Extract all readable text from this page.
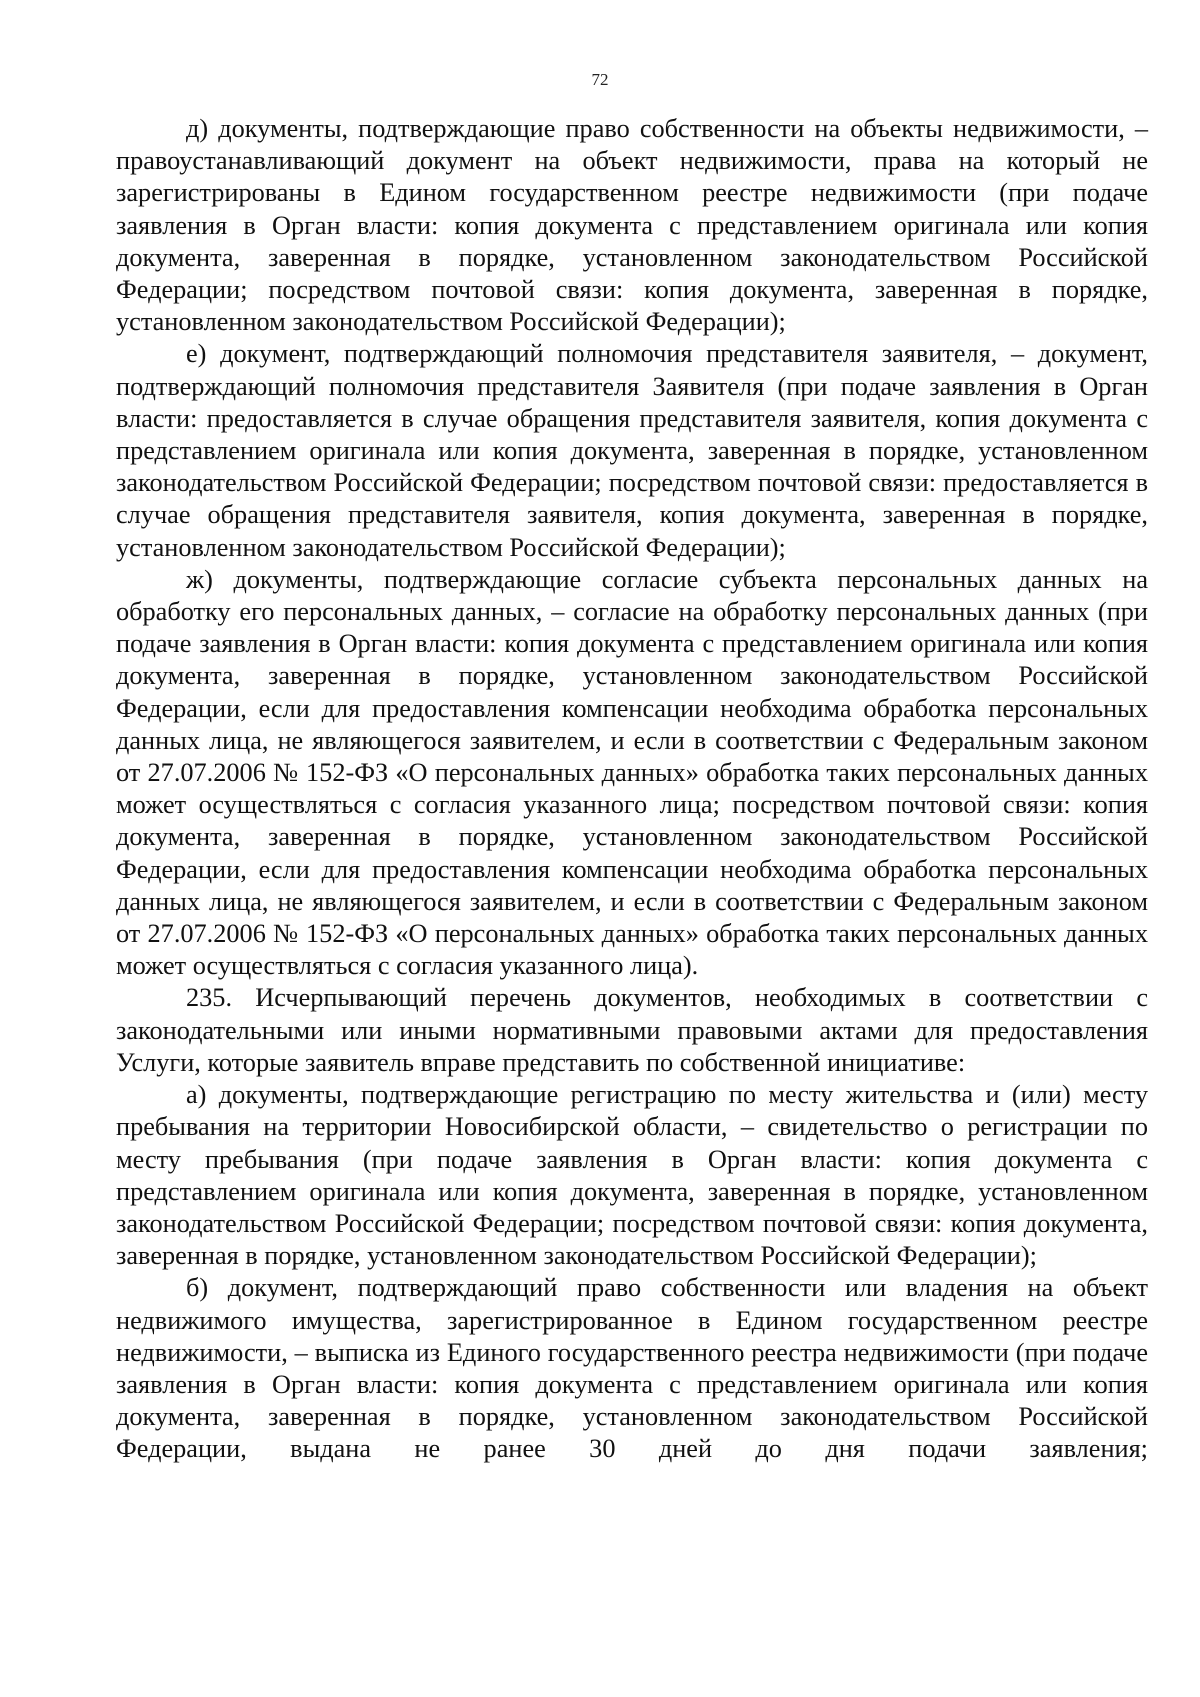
72

д) документы, подтверждающие право собственности на объекты недвижимости, – правоустанавливающий документ на объект недвижимости, права на который не зарегистрированы в Едином государственном реестре недвижимости (при подаче заявления в Орган власти: копия документа с представлением оригинала или копия документа, заверенная в порядке, установленном законодательством Российской Федерации; посредством почтовой связи: копия документа, заверенная в порядке, установленном законодательством Российской Федерации);

е) документ, подтверждающий полномочия представителя заявителя, – документ, подтверждающий полномочия представителя Заявителя (при подаче заявления в Орган власти: предоставляется в случае обращения представителя заявителя, копия документа с представлением оригинала или копия документа, заверенная в порядке, установленном законодательством Российской Федерации; посредством почтовой связи: предоставляется в случае обращения представителя заявителя, копия документа, заверенная в порядке, установленном законодательством Российской Федерации);

ж) документы, подтверждающие согласие субъекта персональных данных на обработку его персональных данных, – согласие на обработку персональных данных (при подаче заявления в Орган власти: копия документа с представлением оригинала или копия документа, заверенная в порядке, установленном законодательством Российской Федерации, если для предоставления компенсации необходима обработка персональных данных лица, не являющегося заявителем, и если в соответствии с Федеральным законом от 27.07.2006 № 152-ФЗ «О персональных данных» обработка таких персональных данных может осуществляться с согласия указанного лица; посредством почтовой связи: копия документа, заверенная в порядке, установленном законодательством Российской Федерации, если для предоставления компенсации необходима обработка персональных данных лица, не являющегося заявителем, и если в соответствии с Федеральным законом от 27.07.2006 № 152-ФЗ «О персональных данных» обработка таких персональных данных может осуществляться с согласия указанного лица).

235. Исчерпывающий перечень документов, необходимых в соответствии с законодательными или иными нормативными правовыми актами для предоставления Услуги, которые заявитель вправе представить по собственной инициативе:

а) документы, подтверждающие регистрацию по месту жительства и (или) месту пребывания на территории Новосибирской области, – свидетельство о регистрации по месту пребывания (при подаче заявления в Орган власти: копия документа с представлением оригинала или копия документа, заверенная в порядке, установленном законодательством Российской Федерации; посредством почтовой связи: копия документа, заверенная в порядке, установленном законодательством Российской Федерации);

б) документ, подтверждающий право собственности или владения на объект недвижимого имущества, зарегистрированное в Едином государственном реестре недвижимости, – выписка из Единого государственного реестра недвижимости (при подаче заявления в Орган власти: копия документа с представлением оригинала или копия документа, заверенная в порядке, установленном законодательством Российской Федерации, выдана не ранее 30 дней до дня подачи заявления;
